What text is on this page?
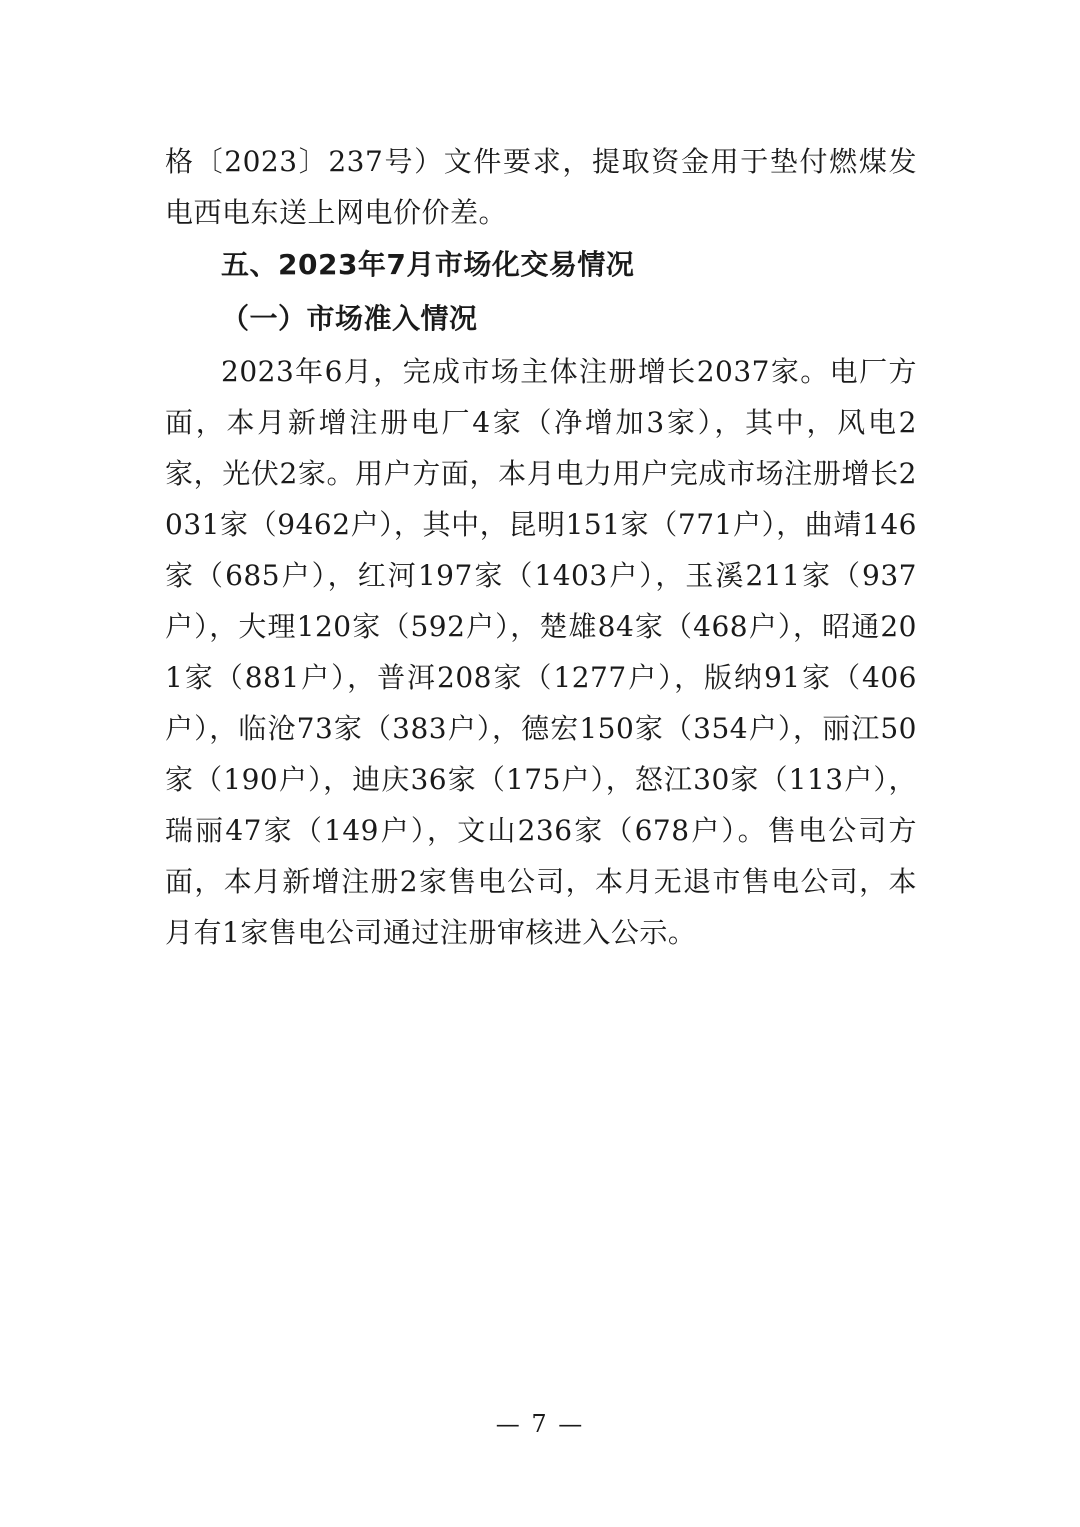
格〔2023〕237号）文件要求，提取资金用于垫付燃煤发电西电东送上网电价价差。

五、2023年7月市场化交易情况

（一）市场准入情况

2023年6月，完成市场主体注册增长2037家。电厂方面，本月新增注册电厂4家（净增加3家），其中，风电2家，光伏2家。用户方面，本月电力用户完成市场注册增长2031家（9462户），其中，昆明151家（771户），曲靖146家（685户），红河197家（1403户），玉溪211家（937户），大理120家（592户），楚雄84家（468户），昭通201家（881户），普洱208家（1277户），版纳91家（406户），临沧73家（383户），德宏150家（354户），丽江50家（190户），迪庆36家（175户），怒江30家（113户），瑞丽47家（149户），文山236家（678户）。售电公司方面，本月新增注册2家售电公司，本月无退市售电公司，本月有1家售电公司通过注册审核进入公示。

— 7 —
